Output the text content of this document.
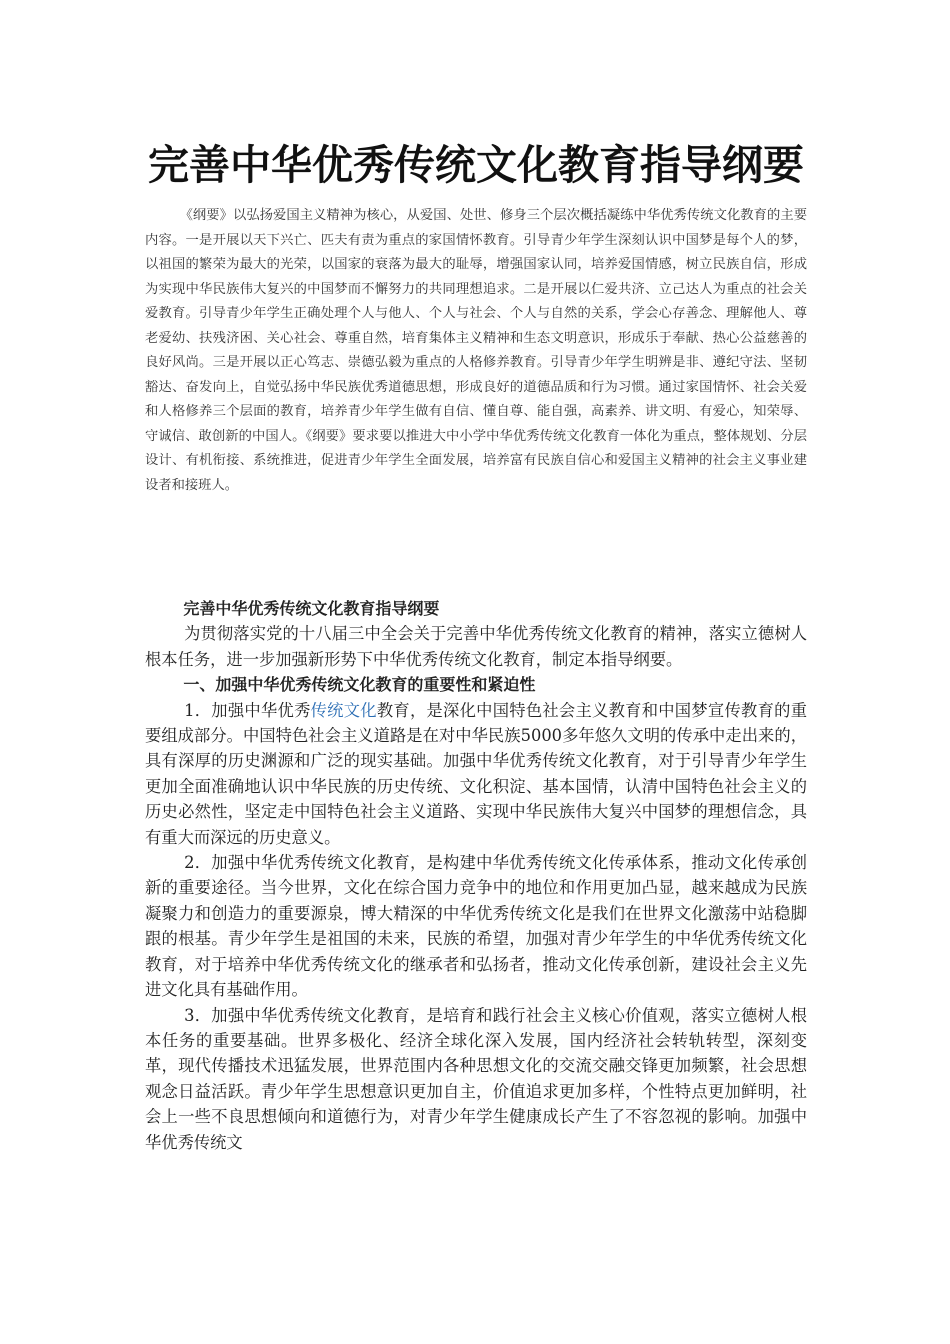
完善中华优秀传统文化教育指导纲要

《纲要》以弘扬爱国主义精神为核心，从爱国、处世、修身三个层次概括凝练中华优秀传统文化教育的主要内容。一是开展以天下兴亡、匹夫有责为重点的家国情怀教育。引导青少年学生深刻认识中国梦是每个人的梦，以祖国的繁荣为最大的光荣，以国家的衰落为最大的耻辱，增强国家认同，培养爱国情感，树立民族自信，形成为实现中华民族伟大复兴的中国梦而不懈努力的共同理想追求。二是开展以仁爱共济、立己达人为重点的社会关爱教育。引导青少年学生正确处理个人与他人、个人与社会、个人与自然的关系，学会心存善念、理解他人、尊老爱幼、扶残济困、关心社会、尊重自然，培育集体主义精神和生态文明意识，形成乐于奉献、热心公益慈善的良好风尚。三是开展以正心笃志、崇德弘毅为重点的人格修养教育。引导青少年学生明辨是非、遵纪守法、坚韧豁达、奋发向上，自觉弘扬中华民族优秀道德思想，形成良好的道德品质和行为习惯。通过家国情怀、社会关爱和人格修养三个层面的教育，培养青少年学生做有自信、懂自尊、能自强，高素养、讲文明、有爱心，知荣辱、守诚信、敢创新的中国人。《纲要》要求要以推进大中小学中华优秀传统文化教育一体化为重点，整体规划、分层设计、有机衔接、系统推进，促进青少年学生全面发展，培养富有民族自信心和爱国主义精神的社会主义事业建设者和接班人。

完善中华优秀传统文化教育指导纲要

为贯彻落实党的十八届三中全会关于完善中华优秀传统文化教育的精神，落实立德树人根本任务，进一步加强新形势下中华优秀传统文化教育，制定本指导纲要。

一、加强中华优秀传统文化教育的重要性和紧迫性

1．加强中华优秀传统文化教育，是深化中国特色社会主义教育和中国梦宣传教育的重要组成部分。中国特色社会主义道路是在对中华民族5000多年悠久文明的传承中走出来的，具有深厚的历史渊源和广泛的现实基础。加强中华优秀传统文化教育，对于引导青少年学生更加全面准确地认识中华民族的历史传统、文化积淀、基本国情，认清中国特色社会主义的历史必然性，坚定走中国特色社会主义道路、实现中华民族伟大复兴中国梦的理想信念，具有重大而深远的历史意义。

2．加强中华优秀传统文化教育，是构建中华优秀传统文化传承体系，推动文化传承创新的重要途径。当今世界，文化在综合国力竞争中的地位和作用更加凸显，越来越成为民族凝聚力和创造力的重要源泉，博大精深的中华优秀传统文化是我们在世界文化激荡中站稳脚跟的根基。青少年学生是祖国的未来，民族的希望，加强对青少年学生的中华优秀传统文化教育，对于培养中华优秀传统文化的继承者和弘扬者，推动文化传承创新，建设社会主义先进文化具有基础作用。

3．加强中华优秀传统文化教育，是培育和践行社会主义核心价值观，落实立德树人根本任务的重要基础。世界多极化、经济全球化深入发展，国内经济社会转轨转型，深刻变革，现代传播技术迅猛发展，世界范围内各种思想文化的交流交融交锋更加频繁，社会思想观念日益活跃。青少年学生思想意识更加自主，价值追求更加多样，个性特点更加鲜明，社会上一些不良思想倾向和道德行为，对青少年学生健康成长产生了不容忽视的影响。加强中华优秀传统文
